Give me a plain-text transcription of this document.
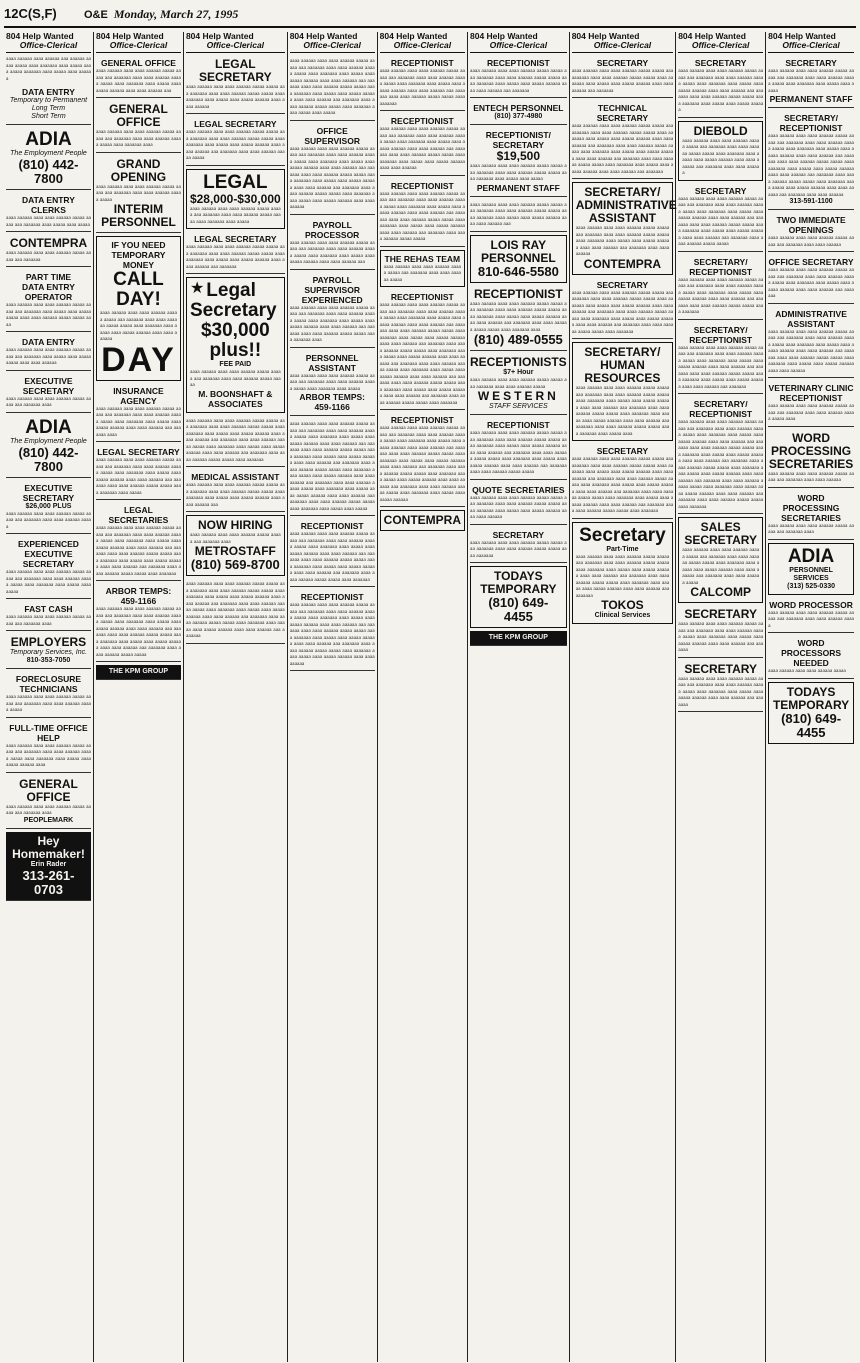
12C(S,F) O&E Monday, March 27, 1995
804 Help Wanted
Office-Clerical
aaaa aaaaaa aaaa aaaaaa aaa aaaaaa aaaaa aaaaa aaaa aaaaaaa aaaa aaaaa aaaa aaaaa aaaaaaa aaaa aaaaa aaaa aaaaaa
DATA ENTRY
Temporary to Permanent
Long Term
Short Term
ADIA
The Employment People
(810) 442-7800
DATA ENTRY CLERKS
aaaa aaaaaa aaaa aaaa aaaaaa aaaaa aaaaa aaa aaaaaaa aaaa aaaaa aaaa aaaaa
CONTEMPRA
aaaa aaaaaa aaaa aaaa aaaaaa aaaaa aaaaa aaa aaaaaaa
PART TIME
DATA ENTRY OPERATOR
aaaa aaaaaa aaaa aaaa aaaaaa aaaaa aaaaa aaa aaaaaaa aaaa aaaaa aaaa aaaaa aaaaa aaaa aaaa aaaaaa aaaaa aaaaa aaaa
DATA ENTRY
aaaa aaaaaa aaaa aaaa aaaaaa aaaaa aaaaa aaa aaaaaaa aaaa aaaaa aaaa aaaaa aaaaa aaaa aaaa aaaaaa
EXECUTIVE SECRETARY
aaaa aaaaaa aaaa aaaa aaaaaa aaaaa aaaaa aaa aaaaaaa aaaa
ADIA
The Employment People
(810) 442-7800
EXECUTIVE SECRETARY
$26,000 PLUS
aaaa aaaaaa aaaa aaaa aaaaaa aaaaa aaaaa aaa aaaaaaa aaaa aaaa aaaaaa aaaaa
EXPERIENCED EXECUTIVE SECRETARY
aaaa aaaaaa aaaa aaaa aaaaaa aaaaa aaaaa aaa aaaaaaa aaaa aaaa aaaaaa aaaaa aaaaa aaaa aaaaaaa aaaa aaaaa aaaa aaaaa
FAST CASH
aaaa aaaaaa aaaa aaaa aaaaaa aaaaa aaaaa aaa aaaaaaa aaaa
EMPLOYERS
Temporary Services, Inc.
810-353-7050
FORECLOSURE TECHNICIANS
aaaa aaaaaa aaaa aaaa aaaaaa aaaaa aaaaa aaa aaaaaaa aaaa aaaa aaaaaa aaaaa aaaaa
FULL-TIME OFFICE HELP
aaaa aaaaaa aaaa aaaa aaaaaa aaaaa aaaaa aaa aaaaaaa aaaa aaaa aaaaaa aaaaa aaaaa aaaa aaaaaaa aaaa aaaaa aaaa aaaaa aaaaaa aaaa
GENERAL OFFICE
aaaa aaaaaa aaaa aaaa aaaaaa aaaaa aaaaa aaa aaaaaaa aaaa
PEOPLEMARK
Hey Homemaker!
Erin Rader
313-261-0703
804 Help Wanted
Office-Clerical
GENERAL OFFICE
aaaa aaaaaa aaaa aaaa aaaaaa aaaaa aaaaa aaa aaaaaaa aaaa aaaa aaaaaa aaaaa aaaaa aaaa aaaaaaa aaaa aaaaa aaaa aaaaa aaaaaa aaaa aaaa aaaaaa aaa
GENERAL OFFICE
aaaa aaaaaa aaaa aaaa aaaaaa aaaaa aaaaa aaa aaaaaaa aaaa aaaa aaaaaa aaaaa aaaaa aaaa aaaaaaa aaaa
GRAND OPENING
aaaa aaaaaa aaaa aaaa aaaaaa aaaaa aaaaa aaa aaaaaaa aaaa aaaa aaaaaa aaaaa aaaaa
INTERIM PERSONNEL
IF YOU NEED TEMPORARY MONEY
CALL DAY!
aaaa aaaaaa aaaa aaaa aaaaaa aaaaa aaaaa aaa aaaaaaa aaaa aaaa aaaaaa aaaaa aaaaa aaaa aaaaaaa aaaa aaaaa aaaa aaaaa aaaaaa aaaa aaaa aaaaaa
DAY
INSURANCE AGENCY
aaaa aaaaaa aaaa aaaa aaaaaa aaaaa aaaaa aaa aaaaaaa aaaa aaaa aaaaaa aaaaa aaaaa aaaa aaaaaaa aaaa aaaaa aaaa aaaaa aaaaaa aaaa aaaa aaaaaa aaa aaaaaaa aaaa
LEGAL SECRETARY
aaaa aaaaaa aaaa aaaa aaaaaa aaaaa aaaaa aaa aaaaaaa aaaa aaaa aaaaaa aaaaa aaaaa aaaa aaaaaaa aaaa aaaaa aaaa aaaaa aaaaaa aaaa aaaa aaaaaa aaa aaaaaaa aaaa aaaa aaaaaa aaaaa aaaaa aaaa aaaaaaa aaaa aaaaa
LEGAL SECRETARIES
aaaa aaaaaa aaaa aaaa aaaaaa aaaaa aaaaa aaa aaaaaaa aaaa aaaa aaaaaa aaaaa aaaaa aaaa aaaaaaa aaaa aaaaa aaaa aaaaa aaaaaa aaaa aaaa aaaaaa aaa aaaaaaa aaaa aaaa aaaaaa aaaaa aaaaa aaaa aaaaaaa aaaa aaaaa aaaa aaaaa aaaaaa aaaa aaaa aaaaaa aaa aaaaaaa aaaa aaaa aaaaaa aaaaa aaaaa aaaa aaaaaaa
ARBOR TEMPS: 459-1166
aaaa aaaaaa aaaa aaaa aaaaaa aaaaa aaaaa aaa aaaaaaa aaaa aaaa aaaaaa aaaaa aaaaa aaaa aaaaaaa aaaa aaaaa aaaa aaaaa aaaaaa aaaa aaaa aaaaaa aaa aaaaaaa aaaa aaaa aaaaaa aaaaa aaaaa aaaa aaaaaaa aaaa aaaaa aaaa aaaaa aaaaaa aaaa aaaa aaaaaa aaa aaaaaaa aaaa aaaa aaaaaa aaaaa aaaaa
THE KPM GROUP
804 Help Wanted
Office-Clerical
LEGAL SECRETARY
aaaa aaaaaa aaaa aaaa aaaaaa aaaaa aaaaa aaa aaaaaaa aaaa aaaa aaaaaa aaaaa aaaaa aaaa aaaaaaa aaaa aaaaa aaaa aaaaa aaaaaa aaaa aaaa aaaaaa
LEGAL SECRETARY
aaaa aaaaaa aaaa aaaa aaaaaa aaaaa aaaaa aaa aaaaaaa aaaa aaaa aaaaaa aaaaa aaaaa aaaa aaaaaaa aaaa aaaaa aaaa aaaaa aaaaaa aaaa aaaa aaaaaa aaa aaaaaaa aaaa aaaa aaaaaa aaaaa aaaaa
LEGAL
$28,000-$30,000
aaaa aaaaaa aaaa aaaa aaaaaa aaaaa aaaaa aaa aaaaaaa aaaa aaaa aaaaaa aaaaa aaaaa aaaa aaaaaaa aaaa aaaaa
LEGAL SECRETARY
aaaa aaaaaa aaaa aaaa aaaaaa aaaaa aaaaa aaa aaaaaaa aaaa aaaa aaaaaa aaaaa aaaaa aaaa aaaaaaa aaaa aaaaa aaaa aaaaa aaaaaa aaaa aaaa aaaaaa aaa aaaaaaa
★ Legal Secretary
$30,000 plus!!
FEE PAID
aaaa aaaaaa aaaa aaaa aaaaaa aaaaa aaaaa aaa aaaaaaa aaaa aaaa aaaaaa aaaaa aaaaa
M. BOONSHAFT & ASSOCIATES
aaaa aaaaaa aaaa aaaa aaaaaa aaaaa aaaaa aaa aaaaaaa aaaa aaaa aaaaaa aaaaa aaaaa aaaa aaaaaaa aaaa aaaaa aaaa aaaaa aaaaaa aaaa aaaa aaaaaa aaa aaaaaaa aaaa aaaa aaaaaa aaaaa aaaaa aaaa aaaaaaa aaaa aaaaa aaaa aaaaa aaaaaa aaaa aaaa aaaaaa aaa aaaaaaa aaaa aaaa aaaaaa aaaaa aaaaa aaaa aaaaaaa
MEDICAL ASSISTANT
aaaa aaaaaa aaaa aaaa aaaaaa aaaaa aaaaa aaa aaaaaaa aaaa aaaa aaaaaa aaaaa aaaaa aaaa aaaaaaa aaaa aaaaa aaaa aaaaa aaaaaa aaaa aaaa aaaaaa aaa
NOW HIRING
aaaa aaaaaa aaaa aaaa aaaaaa aaaaa aaaaa aaa aaaaaaa aaaa
METROSTAFF
(810) 569-8700
aaaa aaaaaa aaaa aaaa aaaaaa aaaaa aaaaa aaa aaaaaaa aaaa aaaa aaaaaa aaaaa aaaaa aaaa aaaaaaa aaaa aaaaa aaaa aaaaa aaaaaa aaaa aaaa aaaaaa aaa aaaaaaa aaaa aaaa aaaaaa aaaaa aaaaa aaaa aaaaaaa aaaa aaaaa aaaa aaaaa aaaaaa aaaa aaaa aaaaaa aaa aaaaaaa aaaa aaaa aaaaaa aaaaa aaaaa aaaa aaaaaaa aaaa aaaaa aaaa aaaaa aaaaaa aaaa aaaa aaaaaa aaa aaaaaaa
804 Help Wanted
Office-Clerical
aaaa aaaaaa aaaa aaaa aaaaaa aaaaa aaaaa aaa aaaaaaa aaaa aaaa aaaaaa aaaaa aaaaa aaaa aaaaaaa aaaa aaaaa aaaa aaaaa aaaaaa aaaa aaaa aaaaaa aaa aaaaaaa aaaa aaaa aaaaaa aaaaa aaaaa aaaa aaaaaaa aaaa aaaaa aaaa aaaaa aaaaaa aaaa aaaa aaaaaa aaa aaaaaaa aaaa aaaa aaaaaa aaaaa aaaaa aaaa aaaaaaa aaaa aaaaa aaaa aaaaa
OFFICE SUPERVISOR
aaaa aaaaaa aaaa aaaa aaaaaa aaaaa aaaaa aaa aaaaaaa aaaa aaaa aaaaaa aaaaa aaaaa aaaa aaaaaaa aaaa aaaaa aaaa aaaaa aaaaaa aaaa aaaa aaaaaa aaa aaaaaaa aaaa aaaa aaaaaa aaaaa aaaaa aaaa aaaaaaa aaaa aaaaa aaaa aaaaa aaaaaa aaaa aaaa aaaaaa aaa aaaaaaa aaaa aaaa aaaaaa aaaaa aaaaa aaaa aaaaaaa aaaa aaaaa aaaa aaaaa aaaaaa aaaa aaaa aaaaaa
PAYROLL PROCESSOR
aaaa aaaaaa aaaa aaaa aaaaaa aaaaa aaaaa aaa aaaaaaa aaaa aaaa aaaaaa aaaaa aaaaa aaaa aaaaaaa aaaa aaaaa aaaa aaaaa aaaaaa aaaa aaaa aaaaaa aaa
PAYROLL SUPERVISOR EXPERIENCED
aaaa aaaaaa aaaa aaaa aaaaaa aaaaa aaaaa aaa aaaaaaa aaaa aaaa aaaaaa aaaaa aaaaa aaaa aaaaaaa aaaa aaaaa aaaa aaaaa aaaaaa aaaa aaaa aaaaaa aaa aaaaaaa aaaa aaaa aaaaaa aaaaa aaaaa aaaa aaaaaaa aaaa
PERSONNEL ASSISTANT
aaaa aaaaaa aaaa aaaa aaaaaa aaaaa aaaaa aaa aaaaaaa aaaa aaaa aaaaaa aaaaa aaaaa aaaa aaaaaaa aaaa aaaaa
ARBOR TEMPS: 459-1166
aaaa aaaaaa aaaa aaaa aaaaaa aaaaa aaaaa aaa aaaaaaa aaaa aaaa aaaaaa aaaaa aaaaa aaaa aaaaaaa aaaa aaaaa aaaa aaaaa aaaaaa aaaa aaaa aaaaaa aaa aaaaaaa aaaa aaaa aaaaaa aaaaa aaaaa aaaa aaaaaaa aaaa aaaaa aaaa aaaaa aaaaaa aaaa aaaa aaaaaa aaa aaaaaaa aaaa aaaa aaaaaa aaaaa aaaaa aaaa aaaaaaa aaaa aaaaa aaaa aaaaa aaaaaa aaaa aaaa aaaaaa aaa aaaaaaa aaaa aaaa aaaaaa aaaaa aaaaa aaaa aaaaaaa aaaa aaaaa aaaa aaaaa aaaaaa aaaa aaaa aaaaaa aaa aaaaaaa aaaa aaaa aaaaaa aaaaa aaaaa aaaa aaaaaaa aaaa aaaaa aaaa aaaaa
RECEPTIONIST
aaaa aaaaaa aaaa aaaa aaaaaa aaaaa aaaaa aaa aaaaaaa aaaa aaaa aaaaaa aaaaa aaaaa aaaa aaaaaaa aaaa aaaaa aaaa aaaaa aaaaaa aaaa aaaa aaaaaa aaa aaaaaaa aaaa aaaa aaaaaa aaaaa aaaaa aaaa aaaaaaa aaaa aaaaa aaaa aaaaa aaaaaa aaaa aaaa aaaaaa aaa aaaaaaa aaaa aaaa aaaaaa aaaaa aaaaa aaaa aaaaaaa
RECEPTIONIST
aaaa aaaaaa aaaa aaaa aaaaaa aaaaa aaaaa aaa aaaaaaa aaaa aaaa aaaaaa aaaaa aaaaa aaaa aaaaaaa aaaa aaaaa aaaa aaaaa aaaaaa aaaa aaaa aaaaaa aaa aaaaaaa aaaa aaaa aaaaaa aaaaa aaaaa aaaa aaaaaaa aaaa aaaaa aaaa aaaaa aaaaaa aaaa aaaa aaaaaa aaa aaaaaaa aaaa aaaa aaaaaa aaaaa aaaaa aaaa aaaaaaa aaaa aaaaa aaaa aaaaa aaaaaa aaaa aaaa aaaaaa
804 Help Wanted
Office-Clerical
RECEPTIONIST
aaaa aaaaaa aaaa aaaa aaaaaa aaaaa aaaaa aaa aaaaaaa aaaa aaaa aaaaaa aaaaa aaaaa aaaa aaaaaaa aaaa aaaaa aaaa aaaaa aaaaaa aaaa aaaa aaaaaa aaa aaaaaaa aaaa aaaa aaaaaa aaaaa aaaaa aaaa aaaaaaa
RECEPTIONIST
aaaa aaaaaa aaaa aaaa aaaaaa aaaaa aaaaa aaa aaaaaaa aaaa aaaa aaaaaa aaaaa aaaaa aaaa aaaaaaa aaaa aaaaa aaaa aaaaa aaaaaa aaaa aaaa aaaaaa aaa aaaaaaa aaaa aaaa aaaaaa aaaaa aaaaa aaaa aaaaaaa aaaa aaaaa aaaa aaaaa aaaaaa aaaa aaaa aaaaaa
RECEPTIONIST
aaaa aaaaaa aaaa aaaa aaaaaa aaaaa aaaaa aaa aaaaaaa aaaa aaaa aaaaaa aaaaa aaaaa aaaa aaaaaaa aaaa aaaaa aaaa aaaaa aaaaaa aaaa aaaa aaaaaa aaa aaaaaaa aaaa aaaa aaaaaa aaaaa aaaaa aaaa aaaaaaa aaaa aaaaa aaaa aaaaa aaaaaa aaaa aaaa aaaaaa aaa aaaaaaa aaaa aaaa aaaaaa aaaaa aaaaa
THE REHAS TEAM
aaaa aaaaaa aaaa aaaa aaaaaa aaaaa aaaaa aaa aaaaaaa aaaa aaaa aaaaaa aaaaa
RECEPTIONIST
aaaa aaaaaa aaaa aaaa aaaaaa aaaaa aaaaa aaa aaaaaaa aaaa aaaa aaaaaa aaaaa aaaaa aaaa aaaaaaa aaaa aaaaa aaaa aaaaa aaaaaa aaaa aaaa aaaaaa aaa aaaaaaa aaaa aaaa aaaaaa aaaaa aaaaa aaaa aaaaaaa aaaa aaaaa aaaa aaaaa aaaaaa aaaa aaaa aaaaaa aaa aaaaaaa aaaa aaaa aaaaaa aaaaa aaaaa aaaa aaaaaaa aaaa aaaaa aaaa aaaaa aaaaaa aaaa aaaa aaaaaa aaa aaaaaaa aaaa aaaa aaaaaa aaaaa aaaaa aaaa aaaaaaa aaaa aaaaa aaaa aaaaa aaaaaa aaaa aaaa aaaaaa aaa aaaaaaa aaaa aaaa aaaaaa aaaaa aaaaa aaaa aaaaaaa aaaa aaaaa aaaa aaaaa aaaaaa aaaa aaaa aaaaaa aaa aaaaaaa aaaa aaaa aaaaaa aaaaa aaaaa aaaa aaaaaaa
RECEPTIONIST
aaaa aaaaaa aaaa aaaa aaaaaa aaaaa aaaaa aaa aaaaaaa aaaa aaaa aaaaaa aaaaa aaaaa aaaa aaaaaaa aaaa aaaaa aaaa aaaaa aaaaaa aaaa aaaa aaaaaa aaa aaaaaaa aaaa aaaa aaaaaa aaaaa aaaaa aaaa aaaaaaa aaaa aaaaa aaaa aaaaa aaaaaa aaaa aaaa aaaaaa aaa aaaaaaa aaaa aaaa aaaaaa aaaaa aaaaa aaaa aaaaaaa aaaa aaaaa aaaa aaaaa aaaaaa aaaa aaaa aaaaaa aaa aaaaaaa aaaa aaaa aaaaaa aaaaa aaaaa aaaa aaaaaaa aaaa aaaaa aaaa aaaaa aaaaaa
CONTEMPRA
804 Help Wanted
Office-Clerical
RECEPTIONIST
aaaa aaaaaa aaaa aaaa aaaaaa aaaaa aaaaa aaa aaaaaaa aaaa aaaa aaaaaa aaaaa aaaaa aaaa aaaaaaa aaaa aaaaa aaaa aaaaa aaaaaa aaaa aaaa aaaaaa aaa aaaaaaa
ENTECH PERSONNEL
(810) 377-4980
RECEPTIONIST/ SECRETARY
$19,500
aaaa aaaaaa aaaa aaaa aaaaaa aaaaa aaaaa aaa aaaaaaa aaaa aaaa aaaaaa aaaaa aaaaa aaaa aaaaaaa aaaa aaaaa aaaa aaaaa
PERMANENT STAFF
aaaa aaaaaa aaaa aaaa aaaaaa aaaaa aaaaa aaa aaaaaaa aaaa aaaa aaaaaa aaaaa aaaaa aaaa aaaaaaa aaaa aaaaa aaaa aaaaa aaaaaa aaaa aaaa aaaaaa aaa
LOIS RAY PERSONNEL
810-646-5580
RECEPTIONIST
aaaa aaaaaa aaaa aaaa aaaaaa aaaaa aaaaa aaa aaaaaaa aaaa aaaa aaaaaa aaaaa aaaaa aaaa aaaaaaa aaaa aaaaa aaaa aaaaa aaaaaa aaaa aaaa aaaaaa aaa aaaaaaa aaaa aaaa aaaaaa aaaaa aaaaa aaaa aaaaaaa aaaa
(810) 489-0555
RECEPTIONISTS
$7+ Hour
aaaa aaaaaa aaaa aaaa aaaaaa aaaaa aaaaa aaa aaaaaaa aaaa aaaa aaaaaa aaaaa
WESTERN
STAFF SERVICES
RECEPTIONIST
aaaa aaaaaa aaaa aaaa aaaaaa aaaaa aaaaa aaa aaaaaaa aaaa aaaa aaaaaa aaaaa aaaaa aaaa aaaaaaa aaaa aaaaa aaaa aaaaa aaaaaa aaaa aaaa aaaaaa aaa aaaaaaa aaaa aaaa aaaaaa aaaaa aaaaa aaaa aaaaaaa aaaa aaaaa aaaa aaaaa aaaaaa aaaa aaaa aaaaaa aaa aaaaaaa aaaa aaaa aaaaaa aaaaa aaaaa
QUOTE SECRETARIES
aaaa aaaaaa aaaa aaaa aaaaaa aaaaa aaaaa aaa aaaaaaa aaaa aaaa aaaaaa aaaaa aaaaa aaaa aaaaaaa aaaa aaaaa aaaa aaaaa aaaaaa aaaa aaaa aaaaaa
SECRETARY
aaaa aaaaaa aaaa aaaa aaaaaa aaaaa aaaaa aaa aaaaaaa aaaa aaaa aaaaaa aaaaa aaaaa aaaa aaaaaaa
TODAYS TEMPORARY
(810) 649-4455
THE KPM GROUP
804 Help Wanted
Office-Clerical
SECRETARY
aaaa aaaaaa aaaa aaaa aaaaaa aaaaa aaaaa aaa aaaaaaa aaaa aaaa aaaaaa aaaaa aaaaa aaaa aaaaaaa aaaa aaaaa aaaa aaaaa aaaaaa aaaa aaaa aaaaaa aaa aaaaaaa
TECHNICAL SECRETARY
aaaa aaaaaa aaaa aaaa aaaaaa aaaaa aaaaa aaa aaaaaaa aaaa aaaa aaaaaa aaaaa aaaaa aaaa aaaaaaa aaaa aaaaa aaaa aaaaa aaaaaa aaaa aaaa aaaaaa aaa aaaaaaa aaaa aaaa aaaaaa aaaaa aaaaa aaaa aaaaaaa aaaa aaaaa aaaa aaaaa aaaaaa aaaa aaaa aaaaaa aaa aaaaaaa aaaa aaaa aaaaaa aaaaa aaaaa aaaa aaaaaaa aaaa aaaaa aaaa aaaaa aaaaaa aaaa aaaa aaaaaa aaa aaaaaaa
SECRETARY/ ADMINISTRATIVE ASSISTANT
aaaa aaaaaa aaaa aaaa aaaaaa aaaaa aaaaa aaa aaaaaaa aaaa aaaa aaaaaa aaaaa aaaaa aaaa aaaaaaa aaaa aaaaa aaaa aaaaa aaaaaa aaaa aaaa aaaaaa aaa aaaaaaa aaaa aaaa aaaaaa
CONTEMPRA
SECRETARY
aaaa aaaaaa aaaa aaaa aaaaaa aaaaa aaaaa aaa aaaaaaa aaaa aaaa aaaaaa aaaaa aaaaa aaaa aaaaaaa aaaa aaaaa aaaa aaaaa aaaaaa aaaa aaaa aaaaaa aaa aaaaaaa aaaa aaaa aaaaaa aaaaa aaaaa aaaa aaaaaaa aaaa aaaaa aaaa aaaaa aaaaaa aaaa aaaa aaaaaa aaa aaaaaaa aaaa aaaa aaaaaa aaaaa aaaaa aaaa aaaaaaa
SECRETARY/ HUMAN RESOURCES
aaaa aaaaaa aaaa aaaa aaaaaa aaaaa aaaaa aaa aaaaaaa aaaa aaaa aaaaaa aaaaa aaaaa aaaa aaaaaaa aaaa aaaaa aaaa aaaaa aaaaaa aaaa aaaa aaaaaa aaa aaaaaaa aaaa aaaa aaaaaa aaaaa aaaaa aaaa aaaaaaa aaaa aaaaa aaaa aaaaa aaaaaa aaaa aaaa aaaaaa aaa aaaaaaa aaaa aaaa aaaaaa aaaaa aaaaa aaaa aaaaaaa aaaa aaaaa aaaa
SECRETARY
aaaa aaaaaa aaaa aaaa aaaaaa aaaaa aaaaa aaa aaaaaaa aaaa aaaa aaaaaa aaaaa aaaaa aaaa aaaaaaa aaaa aaaaa aaaa aaaaa aaaaaa aaaa aaaa aaaaaa aaa aaaaaaa aaaa aaaa aaaaaa aaaaa aaaaa aaaa aaaaaaa aaaa aaaaa aaaa aaaaa aaaaaa aaaa aaaa aaaaaa aaa aaaaaaa aaaa aaaa aaaaaa aaaaa aaaaa aaaa aaaaaaa aaaa aaaaa aaaa aaaaa aaaaaa aaaa aaaa aaaaaa aaa aaaaaaa aaaa aaaa aaaaaa aaaaa aaaaa aaaa aaaaaaa
Secretary
Part-Time
aaaa aaaaaa aaaa aaaa aaaaaa aaaaa aaaaa aaa aaaaaaa aaaa aaaa aaaaaa aaaaa aaaaa aaaa aaaaaaa aaaa aaaaa aaaa aaaaa aaaaaa aaaa aaaa aaaaaa aaa aaaaaaa aaaa aaaa aaaaaa aaaaa aaaaa aaaa aaaaaaa aaaa aaaaa aaaa aaaaa aaaaaa aaaa aaaa aaaaaa aaa aaaaaaa
TOKOS
Clinical Services
804 Help Wanted
Office-Clerical
SECRETARY
aaaa aaaaaa aaaa aaaa aaaaaa aaaaa aaaaa aaa aaaaaaa aaaa aaaa aaaaaa aaaaa aaaaa aaaa aaaaaaa aaaa aaaaa aaaa aaaaa aaaaaa aaaa aaaa aaaaaa aaa aaaaaaa aaaa aaaa aaaaaa aaaaa aaaaa aaaa aaaaaaa aaaa aaaaa aaaa aaaaa aaaaaa
DIEBOLD
aaaa aaaaaa aaaa aaaa aaaaaa aaaaa aaaaa aaa aaaaaaa aaaa aaaa aaaaaa aaaaa aaaaa aaaa aaaaaaa aaaa aaaaa aaaa aaaaa aaaaaa aaaa aaaa aaaaaa aaa aaaaaaa aaaa aaaa aaaaaa
SECRETARY
aaaa aaaaaa aaaa aaaa aaaaaa aaaaa aaaaa aaa aaaaaaa aaaa aaaa aaaaaa aaaaa aaaaa aaaa aaaaaaa aaaa aaaaa aaaa aaaaa aaaaaa aaaa aaaa aaaaaa aaa aaaaaaa aaaa aaaa aaaaaa aaaaa aaaaa aaaa aaaaaaa aaaa aaaaa aaaa aaaaa aaaaaa aaaa aaaa aaaaaa aaa aaaaaaa aaaa aaaa aaaaaa aaaaa aaaaa
SECRETARY/ RECEPTIONIST
aaaa aaaaaa aaaa aaaa aaaaaa aaaaa aaaaa aaa aaaaaaa aaaa aaaa aaaaaa aaaaa aaaaa aaaa aaaaaaa aaaa aaaaa aaaa aaaaa aaaaaa aaaa aaaa aaaaaa aaa aaaaaaa aaaa aaaa aaaaaa aaaaa aaaaa aaaa aaaaaaa
SECRETARY/ RECEPTIONIST
aaaa aaaaaa aaaa aaaa aaaaaa aaaaa aaaaa aaa aaaaaaa aaaa aaaa aaaaaa aaaaa aaaaa aaaa aaaaaaa aaaa aaaaa aaaa aaaaa aaaaaa aaaa aaaa aaaaaa aaa aaaaaaa aaaa aaaa aaaaaa aaaaa aaaaa aaaa aaaaaaa aaaa aaaaa aaaa aaaaa aaaaaa aaaa aaaa aaaaaa aaa aaaaaaa
SECRETARY/ RECEPTIONIST
aaaa aaaaaa aaaa aaaa aaaaaa aaaaa aaaaa aaa aaaaaaa aaaa aaaa aaaaaa aaaaa aaaaa aaaa aaaaaaa aaaa aaaaa aaaa aaaaa aaaaaa aaaa aaaa aaaaaa aaa aaaaaaa aaaa aaaa aaaaaa aaaaa aaaaa aaaa aaaaaaa aaaa aaaaa aaaa aaaaa aaaaaa aaaa aaaa aaaaaa aaa aaaaaaa aaaa aaaa aaaaaa aaaaa aaaaa aaaa aaaaaaa aaaa aaaaa aaaa aaaaa aaaaaa aaaa aaaa aaaaaa aaa aaaaaaa aaaa aaaa aaaaaa aaaaa aaaaa aaaa aaaaaaa aaaa aaaaa aaaa aaaaa aaaaaa aaaa aaaa aaaaaa aaa aaaaaaa aaaa aaaa aaaaaa aaaaa aaaaa aaaa aaaaaaa
SALES SECRETARY
aaaa aaaaaa aaaa aaaa aaaaaa aaaaa aaaaa aaa aaaaaaa aaaa aaaa aaaaaa aaaaa aaaaa aaaa aaaaaaa aaaa aaaaa aaaa aaaaa aaaaaa aaaa aaaa aaaaaa aaa aaaaaaa aaaa aaaa aaaaaa aaaaa
CALCOMP
SECRETARY
aaaa aaaaaa aaaa aaaa aaaaaa aaaaa aaaaa aaa aaaaaaa aaaa aaaa aaaaaa aaaaa aaaaa aaaa aaaaaaa aaaa aaaaa aaaa aaaaa aaaaaa aaaa aaaa aaaaaa aaa aaaaaaa
SECRETARY
aaaa aaaaaa aaaa aaaa aaaaaa aaaaa aaaaa aaa aaaaaaa aaaa aaaa aaaaaa aaaaa aaaaa aaaa aaaaaaa aaaa aaaaa aaaa aaaaa aaaaaa aaaa aaaa aaaaaa aaa aaaaaaa
804 Help Wanted
Office-Clerical
SECRETARY
aaaa aaaaaa aaaa aaaa aaaaaa aaaaa aaaaa aaa aaaaaaa aaaa aaaa aaaaaa aaaaa aaaaa aaaa aaaaaaa aaaa aaaaa aaaa aaaaa
PERMANENT STAFF
SECRETARY/ RECEPTIONIST
aaaa aaaaaa aaaa aaaa aaaaaa aaaaa aaaaa aaa aaaaaaa aaaa aaaa aaaaaa aaaaa aaaaa aaaa aaaaaaa aaaa aaaaa aaaa aaaaa aaaaaa aaaa aaaa aaaaaa aaa aaaaaaa aaaa aaaa aaaaaa aaaaa aaaaa aaaa aaaaaaa aaaa aaaaa aaaa aaaaa aaaaaa aaaa aaaa aaaaaa aaa aaaaaaa aaaa aaaa aaaaaa aaaaa aaaaa aaaa aaaaaaa aaaa aaaaa aaaa aaaaa aaaaaa aaaa aaaa aaaaaa aaa aaaaaaa aaaa aaaa aaaaaa
313-591-1100
TWO IMMEDIATE OPENINGS
aaaa aaaaaa aaaa aaaa aaaaaa aaaaa aaaaa aaa aaaaaaa aaaa aaaa aaaaaa
OFFICE SECRETARY
aaaa aaaaaa aaaa aaaa aaaaaa aaaaa aaaaa aaa aaaaaaa aaaa aaaa aaaaaa aaaaa aaaaa aaaa aaaaaaa aaaa aaaaa aaaa aaaaa aaaaaa aaaa aaaa aaaaaa aaa aaaaaaa
ADMINISTRATIVE ASSISTANT
aaaa aaaaaa aaaa aaaa aaaaaa aaaaa aaaaa aaa aaaaaaa aaaa aaaa aaaaaa aaaaa aaaaa aaaa aaaaaaa aaaa aaaaa aaaa aaaaa aaaaaa aaaa aaaa aaaaaa aaa aaaaaaa aaaa aaaa aaaaaa aaaaa aaaaa aaaa aaaaaaa aaaa aaaaa aaaa aaaaa aaaaaa aaaa aaaa aaaaaa
VETERINARY CLINIC RECEPTIONIST
aaaa aaaaaa aaaa aaaa aaaaaa aaaaa aaaaa aaa aaaaaaa aaaa aaaa aaaaaa aaaaa aaaaa aaaa
WORD PROCESSING SECRETARIES
aaaa aaaaaa aaaa aaaa aaaaaa aaaaa aaaaa aaa aaaaaaa aaaa aaaa aaaaaa
WORD PROCESSING SECRETARIES
aaaa aaaaaa aaaa aaaa aaaaaa aaaaa aaaaa aaa aaaaaaa aaaa
ADIA
PERSONNEL SERVICES
(313) 525-0330
WORD PROCESSOR
aaaa aaaaaa aaaa aaaa aaaaaa aaaaa aaaaa aaa aaaaaaa aaaa aaaa aaaaaa aaaaa
WORD PROCESSORS NEEDED
aaaa aaaaaa aaaa aaaa aaaaaa aaaaa
TODAYS TEMPORARY
(810) 649-4455
